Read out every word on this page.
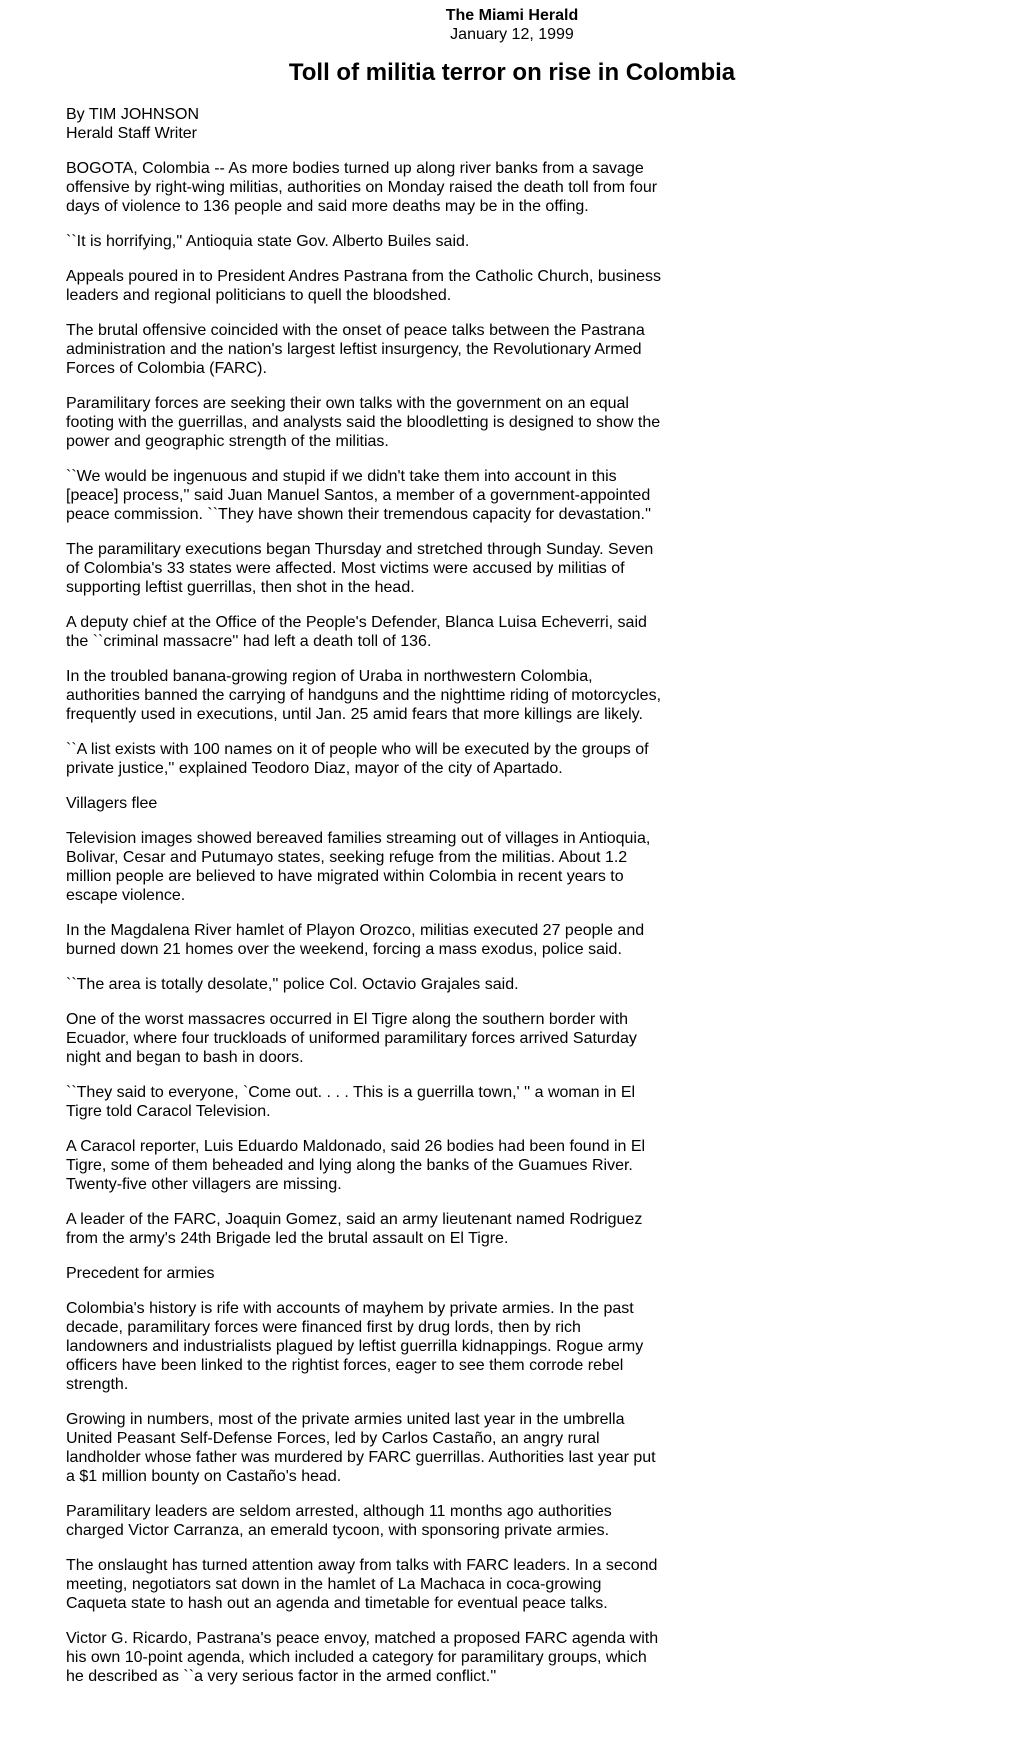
The Miami Herald
January 12, 1999
Toll of militia terror on rise in Colombia
By TIM JOHNSON
Herald Staff Writer

BOGOTA, Colombia -- As more bodies turned up along river banks from a savage offensive by right-wing militias, authorities on Monday raised the death toll from four days of violence to 136 people and said more deaths may be in the offing.

``It is horrifying,'' Antioquia state Gov. Alberto Builes said.

Appeals poured in to President Andres Pastrana from the Catholic Church, business leaders and regional politicians to quell the bloodshed.

The brutal offensive coincided with the onset of peace talks between the Pastrana administration and the nation's largest leftist insurgency, the Revolutionary Armed Forces of Colombia (FARC).

Paramilitary forces are seeking their own talks with the government on an equal footing with the guerrillas, and analysts said the bloodletting is designed to show the power and geographic strength of the militias.

``We would be ingenuous and stupid if we didn't take them into account in this [peace] process,'' said Juan Manuel Santos, a member of a government-appointed peace commission. ``They have shown their tremendous capacity for devastation.''

The paramilitary executions began Thursday and stretched through Sunday. Seven of Colombia's 33 states were affected. Most victims were accused by militias of supporting leftist guerrillas, then shot in the head.

A deputy chief at the Office of the People's Defender, Blanca Luisa Echeverri, said the ``criminal massacre'' had left a death toll of 136.

In the troubled banana-growing region of Uraba in northwestern Colombia, authorities banned the carrying of handguns and the nighttime riding of motorcycles, frequently used in executions, until Jan. 25 amid fears that more killings are likely.

``A list exists with 100 names on it of people who will be executed by the groups of private justice,'' explained Teodoro Diaz, mayor of the city of Apartado.

Villagers flee

Television images showed bereaved families streaming out of villages in Antioquia, Bolivar, Cesar and Putumayo states, seeking refuge from the militias. About 1.2 million people are believed to have migrated within Colombia in recent years to escape violence.

In the Magdalena River hamlet of Playon Orozco, militias executed 27 people and burned down 21 homes over the weekend, forcing a mass exodus, police said.

``The area is totally desolate,'' police Col. Octavio Grajales said.

One of the worst massacres occurred in El Tigre along the southern border with Ecuador, where four truckloads of uniformed paramilitary forces arrived Saturday night and began to bash in doors.

``They said to everyone, `Come out. . . . This is a guerrilla town,' '' a woman in El Tigre told Caracol Television.

A Caracol reporter, Luis Eduardo Maldonado, said 26 bodies had been found in El Tigre, some of them beheaded and lying along the banks of the Guamues River. Twenty-five other villagers are missing.

A leader of the FARC, Joaquin Gomez, said an army lieutenant named Rodriguez from the army's 24th Brigade led the brutal assault on El Tigre.

Precedent for armies

Colombia's history is rife with accounts of mayhem by private armies. In the past decade, paramilitary forces were financed first by drug lords, then by rich landowners and industrialists plagued by leftist guerrilla kidnappings. Rogue army officers have been linked to the rightist forces, eager to see them corrode rebel strength.

Growing in numbers, most of the private armies united last year in the umbrella United Peasant Self-Defense Forces, led by Carlos Castaño, an angry rural landholder whose father was murdered by FARC guerrillas. Authorities last year put a $1 million bounty on Castaño's head.

Paramilitary leaders are seldom arrested, although 11 months ago authorities charged Victor Carranza, an emerald tycoon, with sponsoring private armies.

The onslaught has turned attention away from talks with FARC leaders. In a second meeting, negotiators sat down in the hamlet of La Machaca in coca-growing Caqueta state to hash out an agenda and timetable for eventual peace talks.

Victor G. Ricardo, Pastrana's peace envoy, matched a proposed FARC agenda with his own 10-point agenda, which included a category for paramilitary groups, which he described as ``a very serious factor in the armed conflict.''
